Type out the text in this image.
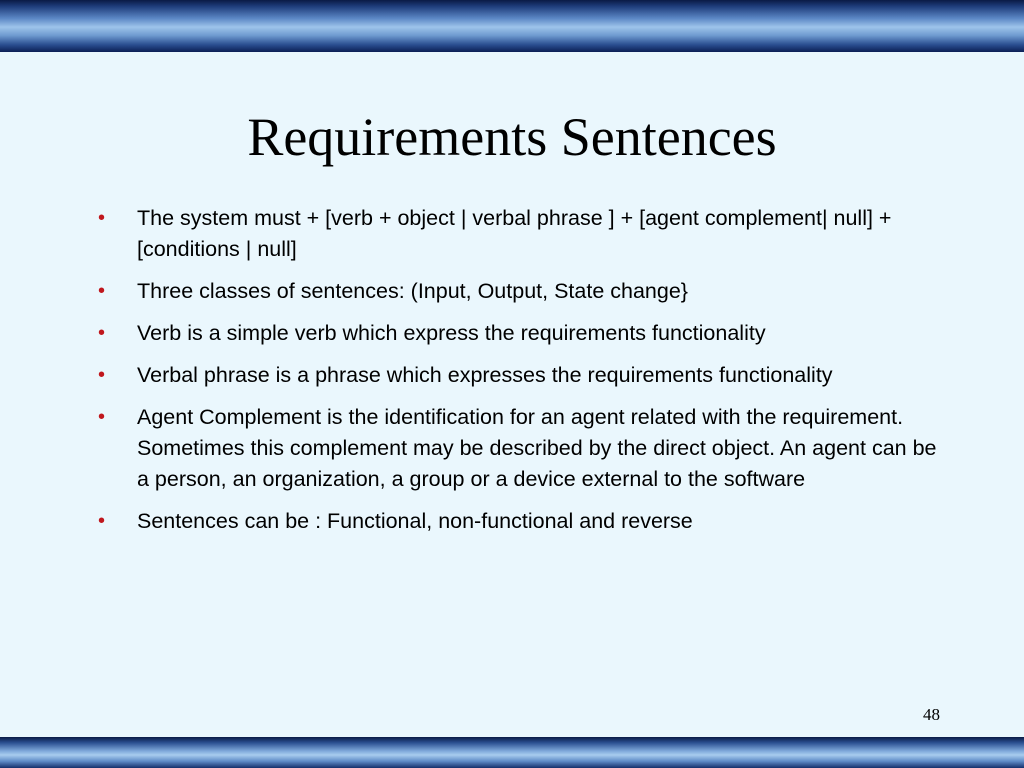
Requirements Sentences
• The system must + [verb + object | verbal phrase ] + [agent complement| null] + [conditions | null]
• Three classes of sentences: (Input, Output, State change}
• Verb is a simple verb which express the requirements functionality
• Verbal phrase is a phrase which expresses the requirements functionality
• Agent Complement is the identification for an agent related with the requirement. Sometimes this complement may be described by the direct object. An agent can be a person, an organization, a group or a device external to the software
• Sentences can be : Functional, non-functional and reverse
48
